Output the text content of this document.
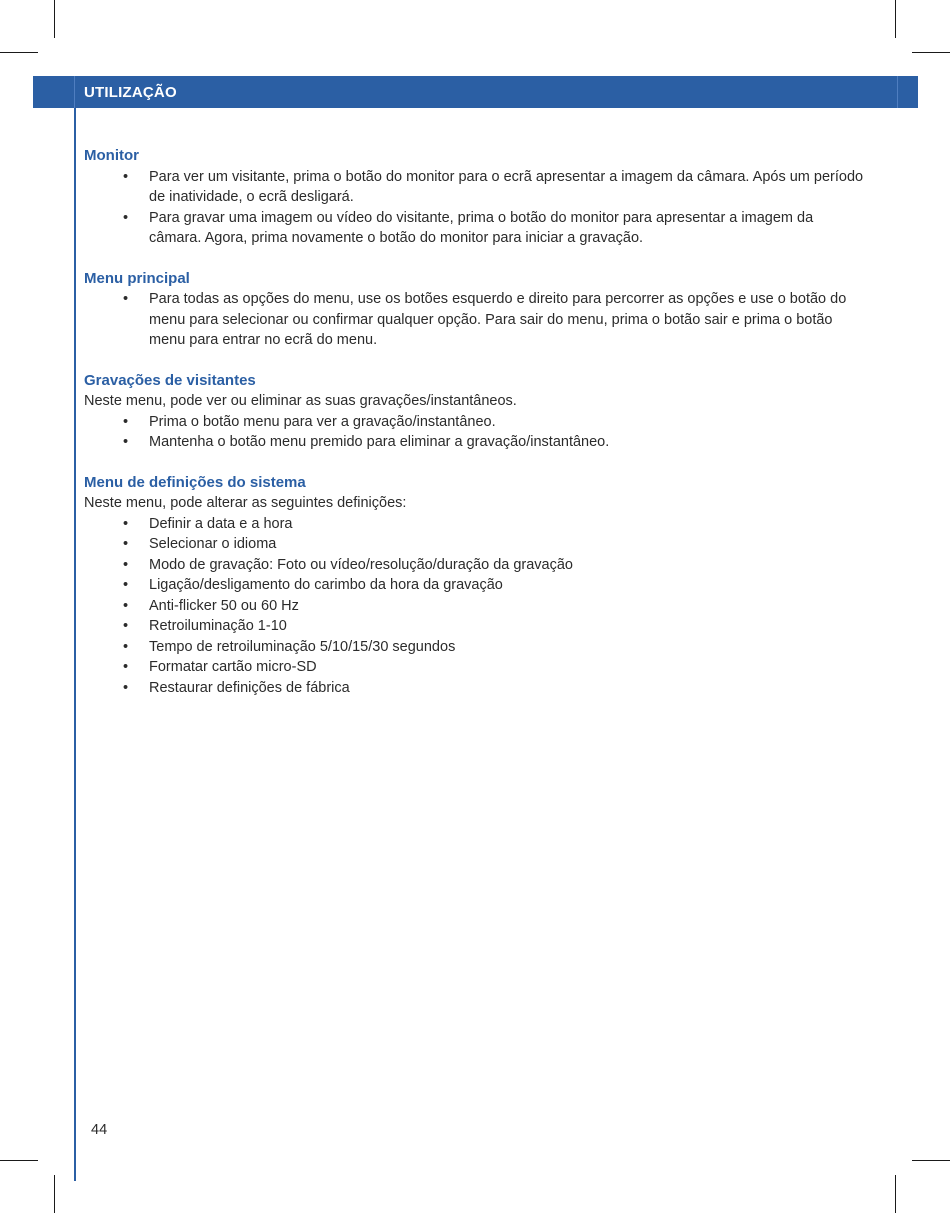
UTILIZAÇÃO
Monitor
• Para ver um visitante, prima o botão do monitor para o ecrã apresentar a imagem da câmara. Após um período de inatividade, o ecrã desligará.
• Para gravar uma imagem ou vídeo do visitante, prima o botão do monitor para apresentar a imagem da câmara. Agora, prima novamente o botão do monitor para iniciar a gravação.
Menu principal
• Para todas as opções do menu, use os botões esquerdo e direito para percorrer as opções e use o botão do menu para selecionar ou confirmar qualquer opção. Para sair do menu, prima o botão sair e prima o botão menu para entrar no ecrã do menu.
Gravações de visitantes
Neste menu, pode ver ou eliminar as suas gravações/instantâneos.
• Prima o botão menu para ver a gravação/instantâneo.
• Mantenha o botão menu premido para eliminar a gravação/instantâneo.
Menu de definições do sistema
Neste menu, pode alterar as seguintes definições:
• Definir a data e a hora
• Selecionar o idioma
• Modo de gravação: Foto ou vídeo/resolução/duração da gravação
• Ligação/desligamento do carimbo da hora da gravação
• Anti-flicker 50 ou 60 Hz
• Retroiluminação 1-10
• Tempo de retroiluminação 5/10/15/30 segundos
• Formatar cartão micro-SD
• Restaurar definições de fábrica
44
